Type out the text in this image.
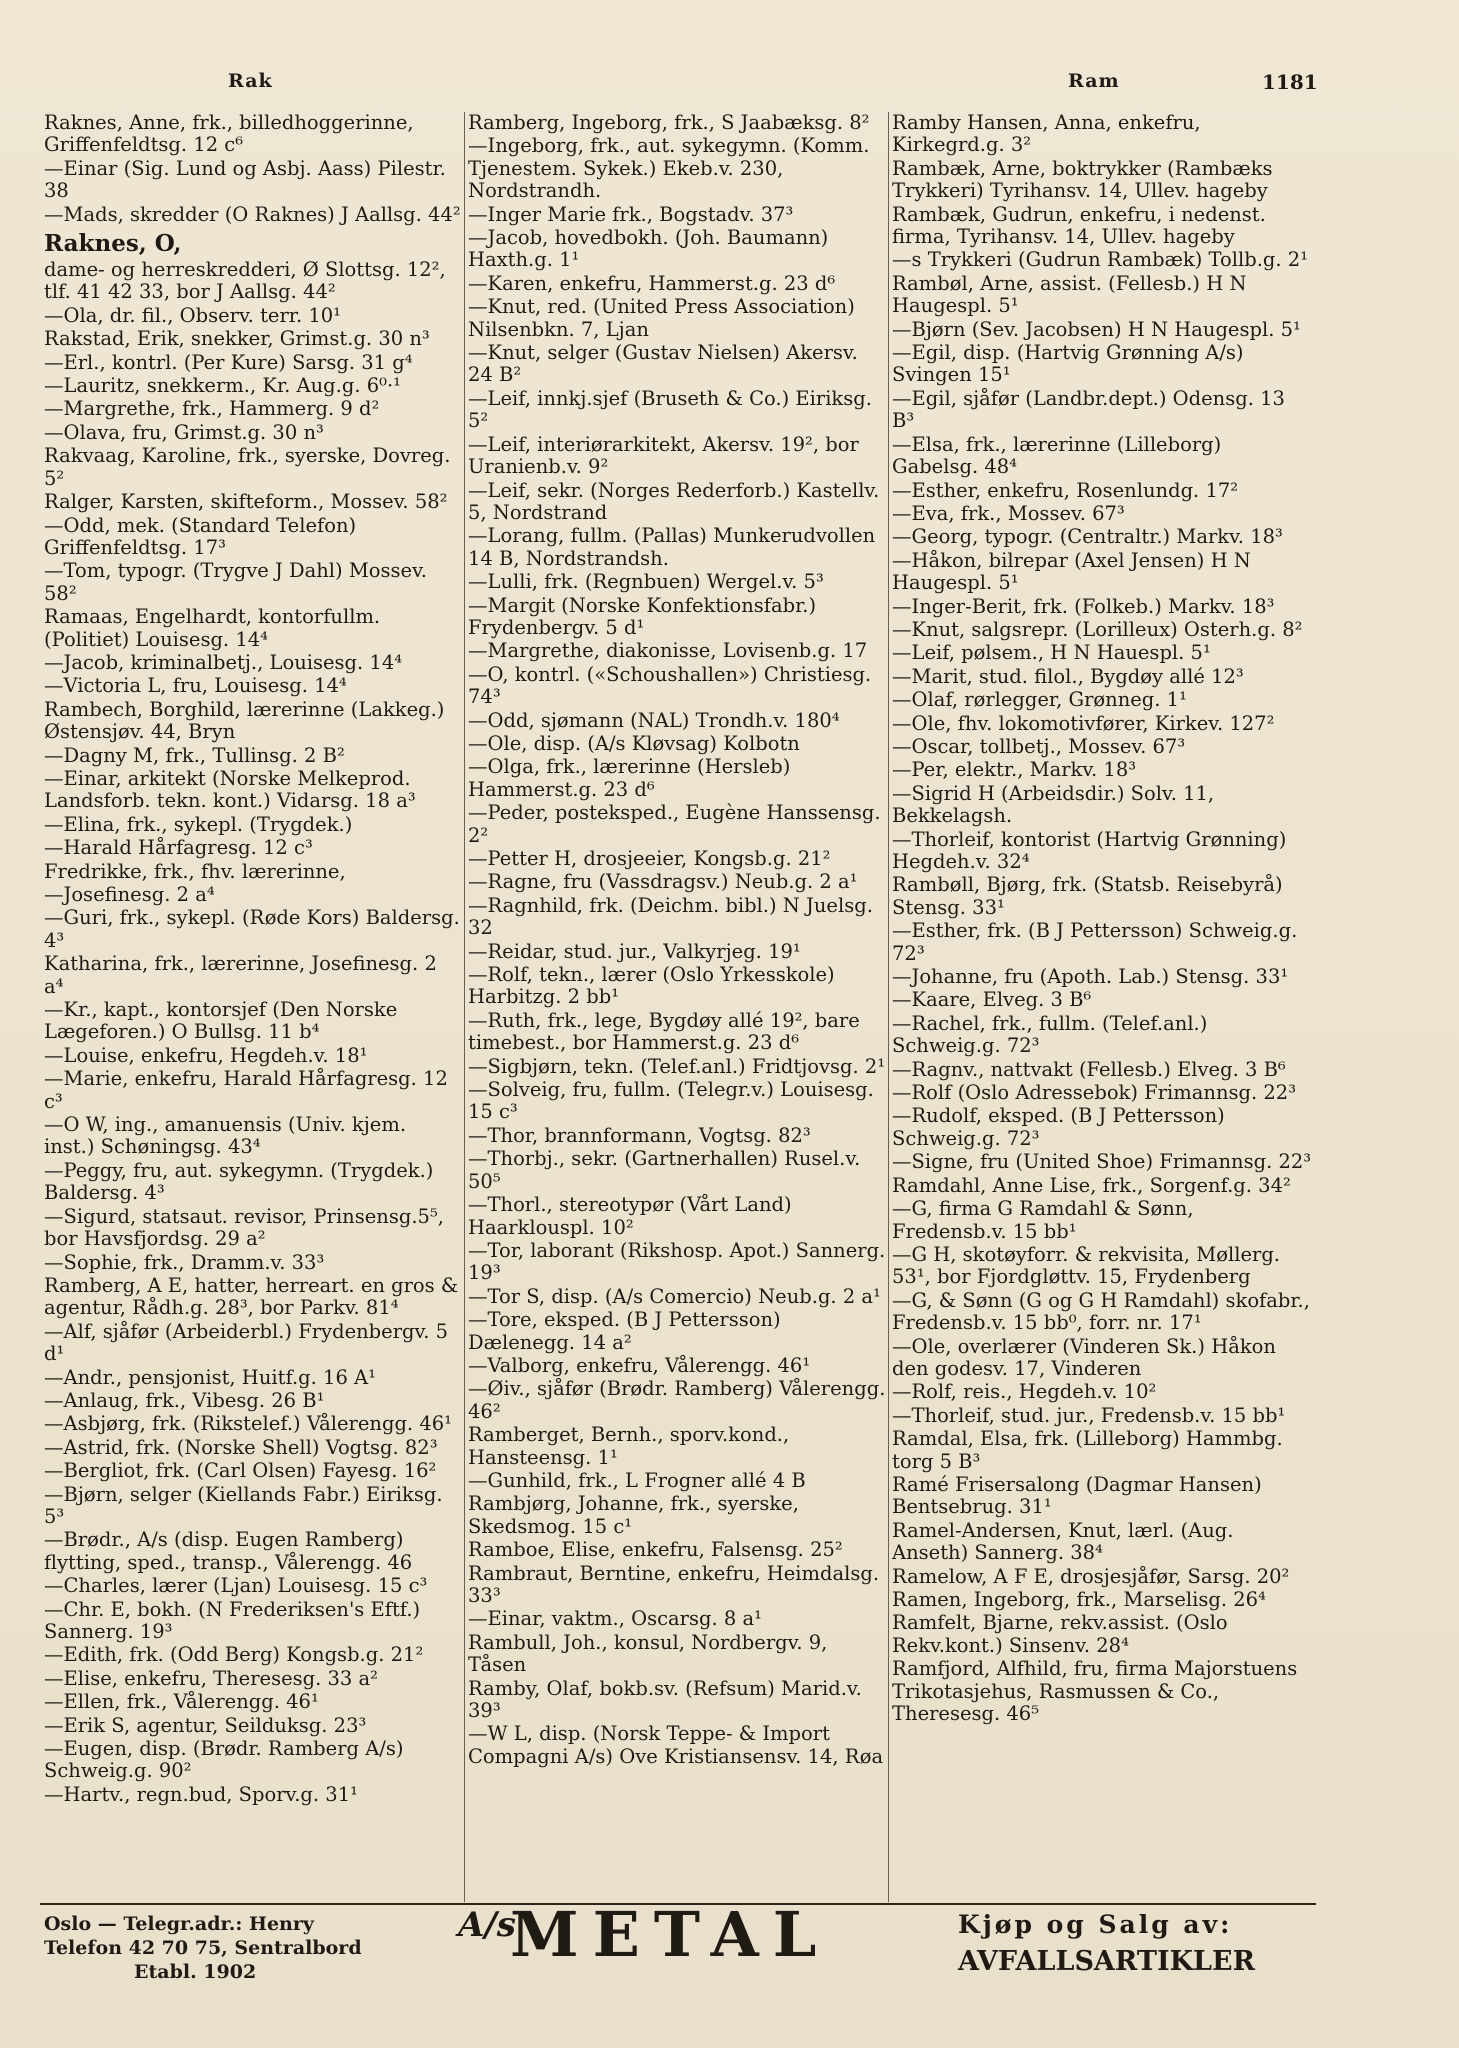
Rak	Ram	1181
Raknes, Anne, frk., billedhoggerinne, Griffenfeldtsg. 12 c⁶
—Einar (Sig. Lund og Asbj. Aass) Pilestr. 38
—Mads, skredder (O Raknes) J Aallsg. 44²
Raknes, O,
dame- og herreskredderi, Ø Slottsg. 12², tlf. 41 42 33, bor J Aallsg. 44²
—Ola, dr. fil., Observ. terr. 10¹
Rakstad, Erik, snekker, Grimst.g. 30 n³
—Erl., kontrl. (Per Kure) Sarsg. 31 g⁴
—Lauritz, snekkerm., Kr. Aug.g. 6⁰·¹
—Margrethe, frk., Hammerg. 9 d²
—Olava, fru, Grimst.g. 30 n³
Rakvaag, Karoline, frk., syerske, Dovreg. 5²
Ralger, Karsten, skifteform., Mossev. 58²
—Odd, mek. (Standard Telefon) Griffenfeldtsg. 17³
—Tom, typogr. (Trygve J Dahl) Mossev. 58²
Ramaas, Engelhardt, kontorfullm. (Politiet) Louisesg. 14⁴
—Jacob, kriminalbetj., Louisesg. 14⁴
—Victoria L, fru, Louisesg. 14⁴
Rambech, Borghild, lærerinne (Lakkeg.) Østensjøv. 44, Bryn
—Dagny M, frk., Tullinsg. 2 B²
—Einar, arkitekt (Norske Melkeprod. Landsforb. tekn. kont.) Vidarsg. 18 a³
—Elina, frk., sykepl. (Trygdek.)
—Harald Hårfagresg. 12 c³
Fredrikke, frk., fhv. lærerinne,
—Josefinesg. 2 a⁴
—Guri, frk., sykepl. (Røde Kors) Baldersg. 4³
Katharina, frk., lærerinne, Josefinesg. 2 a⁴
—Kr., kapt., kontorsjef (Den Norske Lægeforen.) O Bullsg. 11 b⁴
—Louise, enkefru, Hegdeh.v. 18¹
—Marie, enkefru, Harald Hårfagresg. 12 c³
—O W, ing., amanuensis (Univ. kjem. inst.) Schøningsg. 43⁴
—Peggy, fru, aut. sykegymn. (Trygdek.) Baldersg. 4³
—Sigurd, statsaut. revisor, Prinsensg.5⁵, bor Havsfjordsg. 29 a²
—Sophie, frk., Dramm.v. 33³
Ramberg, A E, hatter, herreart. en gros & agentur, Rådh.g. 28³, bor Parkv. 81⁴
—Alf, sjåfør (Arbeiderbl.) Frydenbergv. 5 d¹
—Andr., pensjonist, Huitf.g. 16 A¹
—Anlaug, frk., Vibesg. 26 B¹
—Asbjørg, frk. (Rikstelef.) Vålerengg. 46¹
—Astrid, frk. (Norske Shell) Vogtsg. 82³
—Bergliot, frk. (Carl Olsen) Fayesg. 16²
—Bjørn, selger (Kiellands Fabr.) Eiriksg. 5³
—Brødr., A/s (disp. Eugen Ramberg) flytting, sped., transp., Vålerengg. 46
—Charles, lærer (Ljan) Louisesg. 15 c³
—Chr. E, bokh. (N Frederiksen's Eftf.) Sannerg. 19³
—Edith, frk. (Odd Berg) Kongsb.g. 21²
—Elise, enkefru, Theresesg. 33 a²
—Ellen, frk., Vålerengg. 46¹
—Erik S, agentur, Seilduksg. 23³
—Eugen, disp. (Brødr. Ramberg A/s) Schweig.g. 90²
—Hartv., regn.bud, Sporv.g. 31¹
Ramberg, Ingeborg, frk., S Jaabæksg. 8²
—Ingeborg, frk., aut. sykegymn. (Komm. Tjenestem. Sykek.) Ekeb.v. 230, Nordstrandh.
—Inger Marie frk., Bogstadv. 37³
—Jacob, hovedbokh. (Joh. Baumann) Haxth.g. 1¹
—Karen, enkefru, Hammerst.g. 23 d⁶
—Knut, red. (United Press Association) Nilsenbkn. 7, Ljan
—Knut, selger (Gustav Nielsen) Akersv. 24 B²
—Leif, innkj.sjef (Bruseth & Co.) Eiriksg. 5²
—Leif, interiørarkitekt, Akersv. 19², bor Uranienb.v. 9²
—Leif, sekr. (Norges Rederforb.) Kastellv. 5, Nordstrand
—Lorang, fullm. (Pallas) Munkerudvollen 14 B, Nordstrandsh.
—Lulli, frk. (Regnbuen) Wergel.v. 5³
—Margit (Norske Konfektionsfabr.) Frydenbergv. 5 d¹
—Margrethe, diakonisse, Lovisenb.g. 17
—O, kontrl. («Schoushallen») Christiesg. 74³
—Odd, sjømann (NAL) Trondh.v. 180⁴
—Ole, disp. (A/s Kløvsag) Kolbotn
—Olga, frk., lærerinne (Hersleb) Hammerst.g. 23 d⁶
—Peder, posteksped., Eugène Hanssensg. 2²
—Petter H, drosjeeier, Kongsb.g. 21²
—Ragne, fru (Vassdragsv.) Neub.g. 2 a¹
—Ragnhild, frk. (Deichm. bibl.) N Juelsg. 32
—Reidar, stud. jur., Valkyrjeg. 19¹
—Rolf, tekn., lærer (Oslo Yrkesskole) Harbitzg. 2 bb¹
—Ruth, frk., lege, Bygdøy allé 19², bare timebest., bor Hammerst.g. 23 d⁶
—Sigbjørn, tekn. (Telef.anl.) Fridtjovsg. 2¹
—Solveig, fru, fullm. (Telegr.v.) Louisesg. 15 c³
—Thor, brannformann, Vogtsg. 82³
—Thorbj., sekr. (Gartnerhallen) Rusel.v. 50⁵
—Thorl., stereotypør (Vårt Land) Haarklouspl. 10²
—Tor, laborant (Rikshosp. Apot.) Sannerg. 19³
—Tor S, disp. (A/s Comercio) Neub.g. 2 a¹
—Tore, eksped. (B J Pettersson) Dælenegg. 14 a²
—Valborg, enkefru, Vålerengg. 46¹
—Øiv., sjåfør (Brødr. Ramberg) Vålerengg. 46²
Ramberget, Bernh., sporv.kond., Hansteensg. 1¹
—Gunhild, frk., L Frogner allé 4 B
Rambjørg, Johanne, frk., syerske, Skedsmog. 15 c¹
Ramboe, Elise, enkefru, Falsensg. 25²
Rambraut, Berntine, enkefru, Heimdalsg. 33³
—Einar, vaktm., Oscarsg. 8 a¹
Rambull, Joh., konsul, Nordbergv. 9, Tåsen
Ramby, Olaf, bokb.sv. (Refsum) Marid.v. 39³
—W L, disp. (Norsk Teppe- & Import Compagni A/s) Ove Kristiansensv. 14, Røa
Ramby Hansen, Anna, enkefru, Kirkegrd.g. 3²
Rambæk, Arne, boktrykker (Rambæks Trykkeri) Tyrihansv. 14, Ullev. hageby
Rambæk, Gudrun, enkefru, i nedenst. firma, Tyrihansv. 14, Ullev. hageby
—s Trykkeri (Gudrun Rambæk) Tollb.g. 2¹
Rambøl, Arne, assist. (Fellesb.) H N Haugespl. 5¹
—Bjørn (Sev. Jacobsen) H N Haugespl. 5¹
—Egil, disp. (Hartvig Grønning A/s) Svingen 15¹
—Egil, sjåfør (Landbr.dept.) Odensg. 13 B³
—Elsa, frk., lærerinne (Lilleborg) Gabelsg. 48⁴
—Esther, enkefru, Rosenlundg. 17²
—Eva, frk., Mossev. 67³
—Georg, typogr. (Centraltr.) Markv. 18³
—Håkon, bilrepar (Axel Jensen) H N Haugespl. 5¹
—Inger-Berit, frk. (Folkeb.) Markv. 18³
—Knut, salgsrepr. (Lorilleux) Osterh.g. 8²
—Leif, pølsem., H N Hauespl. 5¹
—Marit, stud. filol., Bygdøy allé 12³
—Olaf, rørlegger, Grønneg. 1¹
—Ole, fhv. lokomotivfører, Kirkev. 127²
—Oscar, tollbetj., Mossev. 67³
—Per, elektr., Markv. 18³
—Sigrid H (Arbeidsdir.) Solv. 11, Bekkelagsh.
—Thorleif, kontorist (Hartvig Grønning) Hegdeh.v. 32⁴
Rambøll, Bjørg, frk. (Statsb. Reisebyrå) Stensg. 33¹
—Esther, frk. (B J Pettersson) Schweig.g. 72³
—Johanne, fru (Apoth. Lab.) Stensg. 33¹
—Kaare, Elveg. 3 B⁶
—Rachel, frk., fullm. (Telef.anl.) Schweig.g. 72³
—Ragnv., nattvakt (Fellesb.) Elveg. 3 B⁶
—Rolf (Oslo Adressebok) Frimannsg. 22³
—Rudolf, eksped. (B J Pettersson) Schweig.g. 72³
—Signe, fru (United Shoe) Frimannsg. 22³
Ramdahl, Anne Lise, frk., Sorgenf.g. 34²
—G, firma G Ramdahl & Sønn, Fredensb.v. 15 bb¹
—G H, skotøyforr. & rekvisita, Møllerg. 53¹, bor Fjordgløttv. 15, Frydenberg
—G, & Sønn (G og G H Ramdahl) skofabr., Fredensb.v. 15 bb⁰, forr. nr. 17¹
—Ole, overlærer (Vinderen Sk.) Håkon den godesv. 17, Vinderen
—Rolf, reis., Hegdeh.v. 10²
—Thorleif, stud. jur., Fredensb.v. 15 bb¹
Ramdal, Elsa, frk. (Lilleborg) Hammbg. torg 5 B³
Ramé Frisersalong (Dagmar Hansen) Bentsebrug. 31¹
Ramel-Andersen, Knut, lærl. (Aug. Anseth) Sannerg. 38⁴
Ramelow, A F E, drosjesjåfør, Sarsg. 20²
Ramen, Ingeborg, frk., Marselisg. 26⁴
Ramfelt, Bjarne, rekv.assist. (Oslo Rekv.kont.) Sinsenv. 28⁴
Ramfjord, Alfhild, fru, firma Majorstuens Trikotasjehus, Rasmussen & Co., Theresesg. 46⁵
Oslo — Telegr.adr.: Henry
Telefon 42 70 75, Sentralbord
Etabl. 1902
A/s
METAL	Kjøp og Salg av:
AVFALLSARTIKLER
